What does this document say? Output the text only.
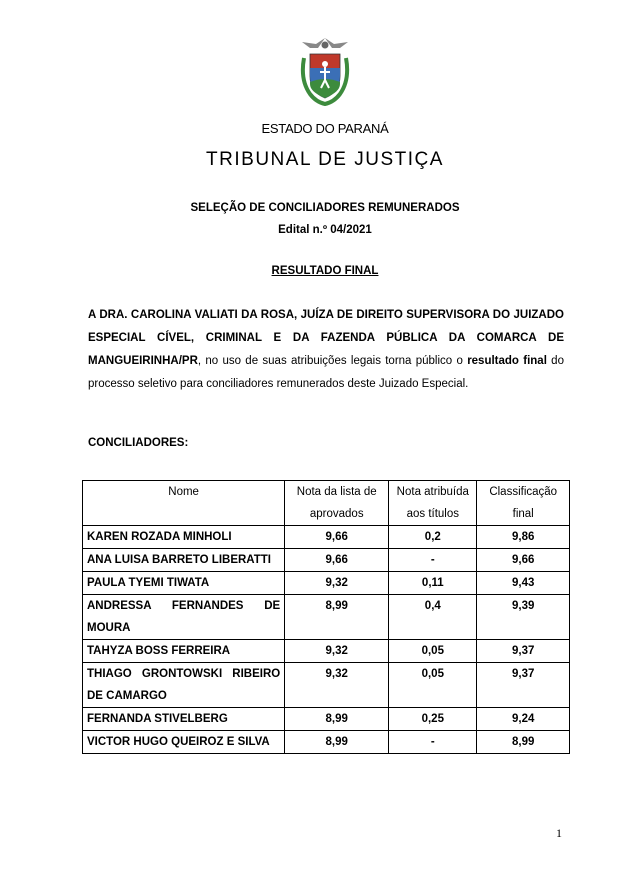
ESTADO DO PARANÁ
TRIBUNAL DE JUSTIÇA
SELEÇÃO DE CONCILIADORES REMUNERADOS
Edital n.º 04/2021
RESULTADO FINAL
A DRA. CAROLINA VALIATI DA ROSA, JUÍZA DE DIREITO SUPERVISORA DO JUIZADO ESPECIAL CÍVEL, CRIMINAL E DA FAZENDA PÚBLICA DA COMARCA DE MANGUEIRINHA/PR, no uso de suas atribuições legais torna público o resultado final do processo seletivo para conciliadores remunerados deste Juizado Especial.
CONCILIADORES:
Nome	Nota da lista de aprovados	Nota atribuída aos títulos	Classificação final
KAREN ROZADA MINHOLI	9,66	0,2	9,86
ANA LUISA BARRETO LIBERATTI	9,66	-	9,66
PAULA TYEMI TIWATA	9,32	0,11	9,43
ANDRESSA FERNANDES DE MOURA	8,99	0,4	9,39
TAHYZA BOSS FERREIRA	9,32	0,05	9,37
THIAGO GRONTOWSKI RIBEIRO DE CAMARGO	9,32	0,05	9,37
FERNANDA STIVELBERG	8,99	0,25	9,24
VICTOR HUGO QUEIROZ E SILVA	8,99	-	8,99
1
